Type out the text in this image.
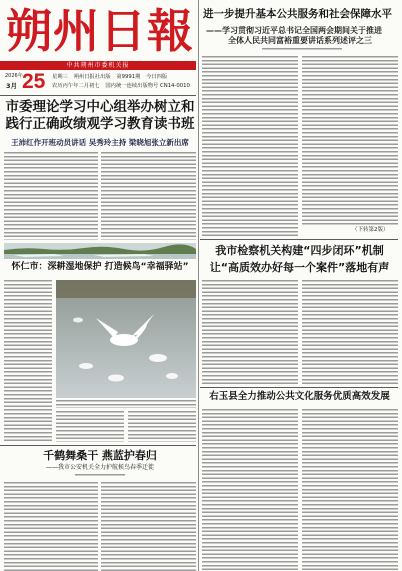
朔州日報
中共朔州市委机关报
2026年
3月 25 星期三 朔州日报社出版 第9991期 今日四版
农历丙午年二月初七 国内统一连续出版物号 CN14-0010
市委理论学习中心组举办树立和
践行正确政绩观学习教育读书班
王沛红作开班动员讲话 吴秀玲主持 梁晓旭张立新出席
怀仁市：深耕湿地保护 打造候鸟“幸福驿站”
千鹤舞桑干 燕蓝护春归
——我市公安机关全力护航候鸟春季迁徙
进一步提升基本公共服务和社会保障水平
——学习贯彻习近平总书记全国两会期间关于推进
全体人民共同富裕重要讲话系列述评之三
（下转第2版）
我市检察机关构建“四步闭环”机制
让“高质效办好每一个案件”落地有声
右玉县全力推动公共文化服务优质高效发展
